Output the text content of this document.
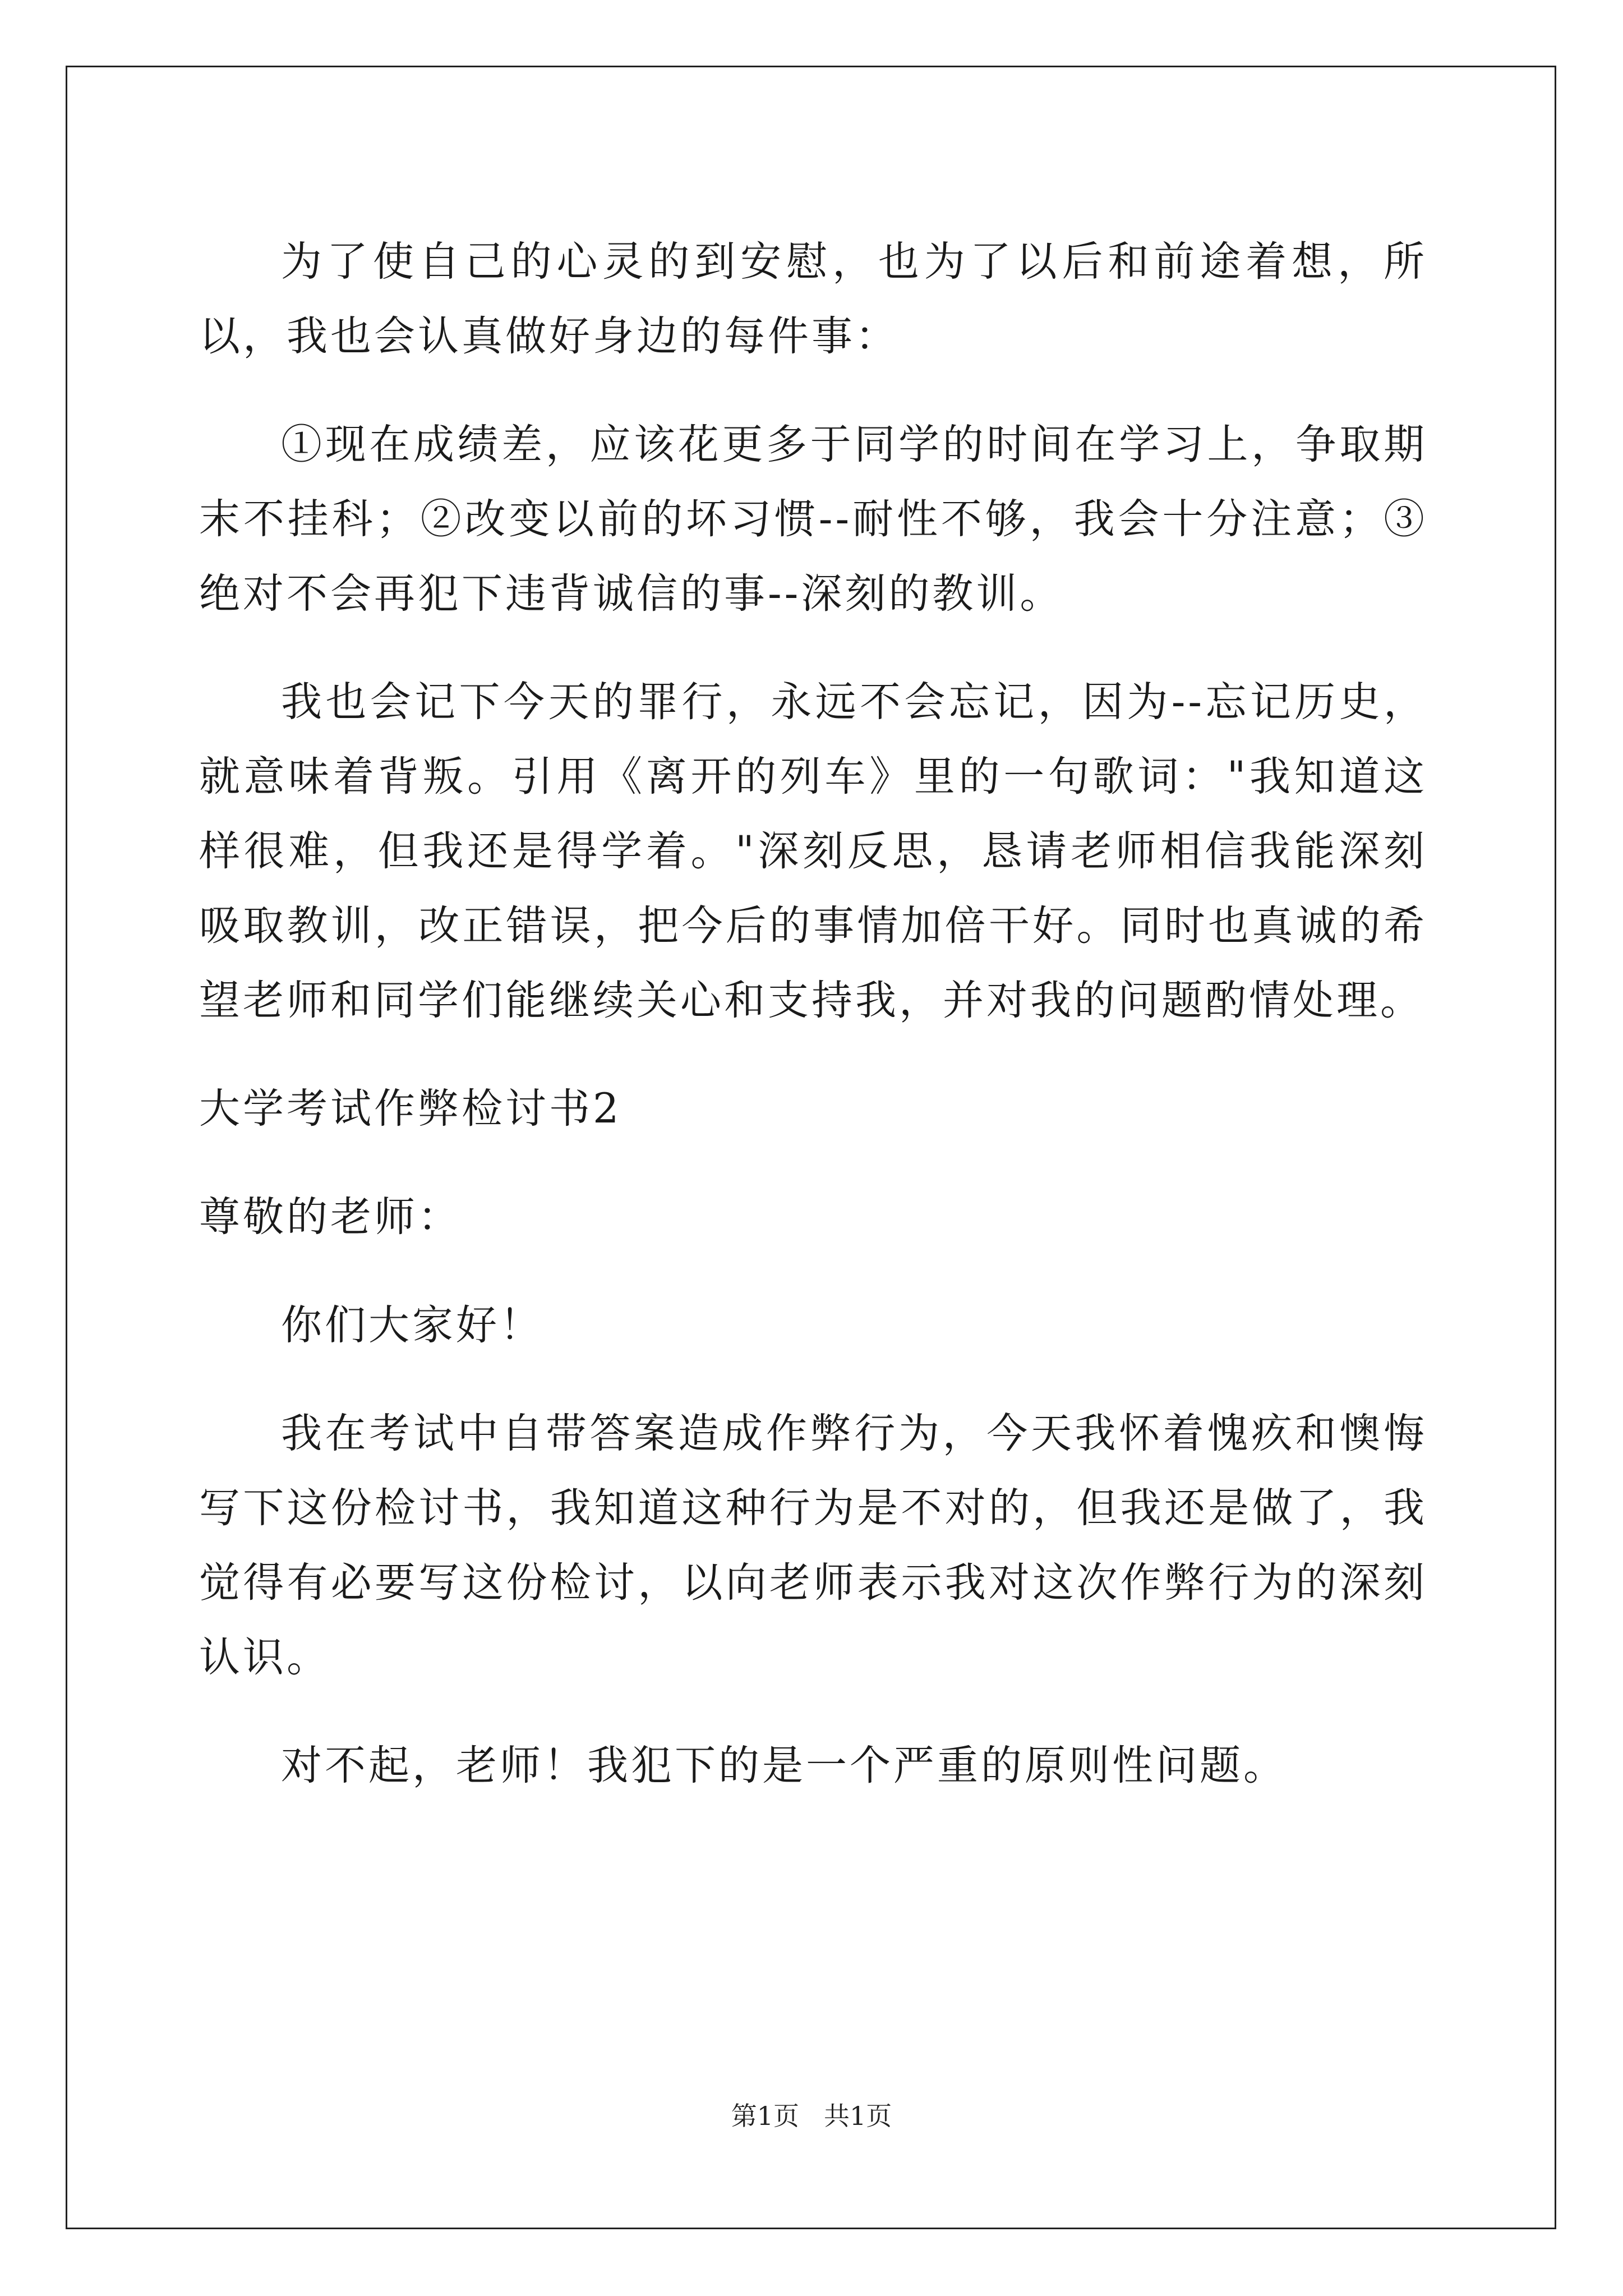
为了使自己的心灵的到安慰，也为了以后和前途着想，所以，我也会认真做好身边的每件事：

①现在成绩差，应该花更多于同学的时间在学习上，争取期末不挂科；②改变以前的坏习惯--耐性不够，我会十分注意；③绝对不会再犯下违背诚信的事--深刻的教训。

我也会记下今天的罪行，永远不会忘记，因为--忘记历史，就意味着背叛。引用《离开的列车》里的一句歌词："我知道这样很难，但我还是得学着。"深刻反思，恳请老师相信我能深刻吸取教训，改正错误，把今后的事情加倍干好。同时也真诚的希望老师和同学们能继续关心和支持我，并对我的问题酌情处理。

大学考试作弊检讨书2

尊敬的老师：

你们大家好！

我在考试中自带答案造成作弊行为，今天我怀着愧疚和懊悔写下这份检讨书，我知道这种行为是不对的，但我还是做了，我觉得有必要写这份检讨，以向老师表示我对这次作弊行为的深刻认识。

对不起，老师！我犯下的是一个严重的原则性问题。

第1页 共1页
